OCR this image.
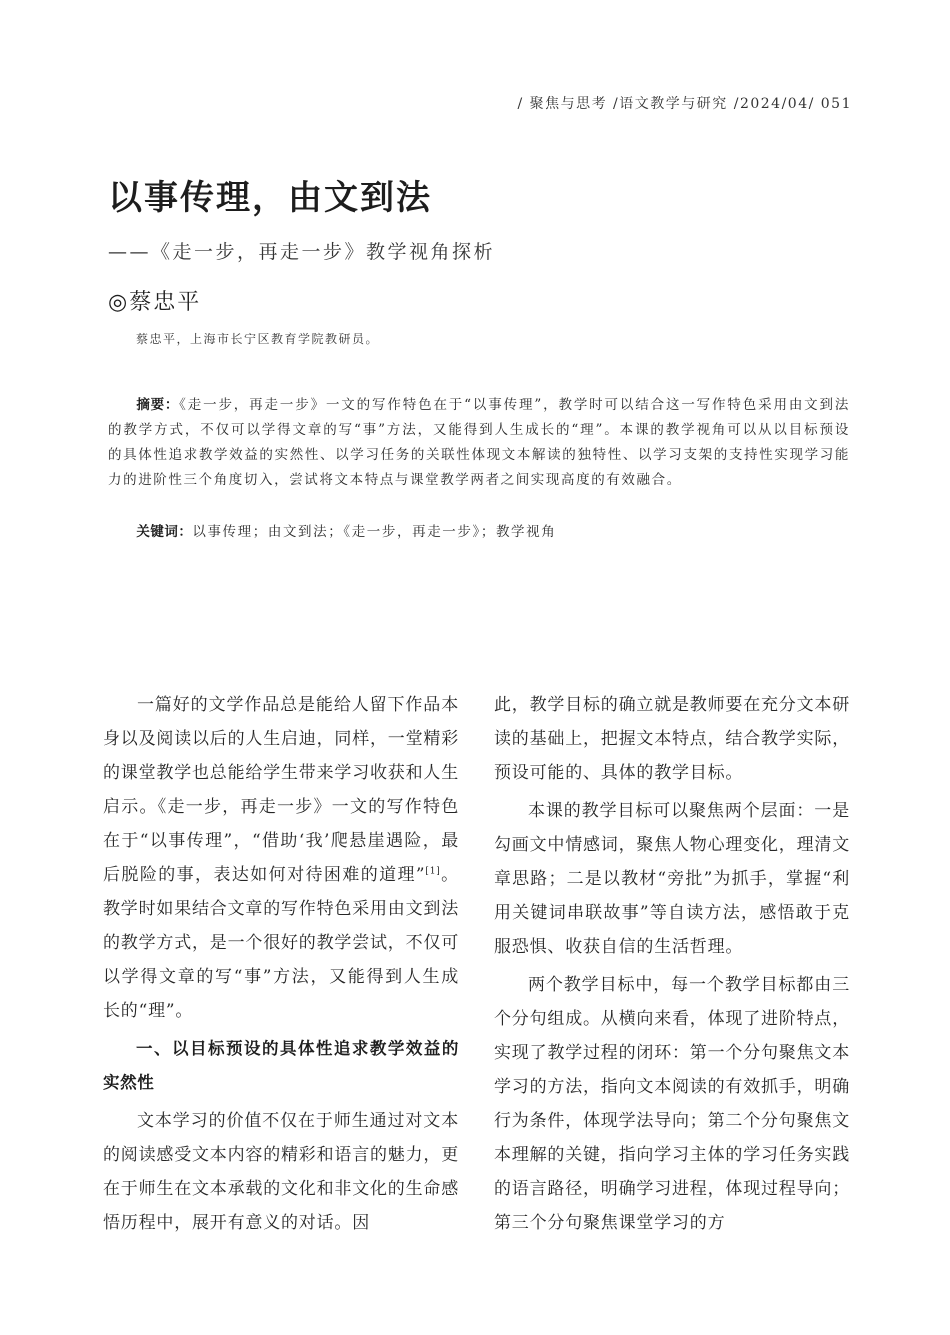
/ 聚焦与思考 /语文教学与研究 /2024/04/ 051
以事传理，由文到法
——《走一步，再走一步》教学视角探析
◎蔡忠平
蔡忠平，上海市长宁区教育学院教研员。
摘要：《走一步，再走一步》一文的写作特色在于“以事传理”，教学时可以结合这一写作特色采用由文到法的教学方式，不仅可以学得文章的写“事”方法，又能得到人生成长的“理”。本课的教学视角可以从以目标预设的具体性追求教学效益的实然性、以学习任务的关联性体现文本解读的独特性、以学习支架的支持性实现学习能力的进阶性三个角度切入，尝试将文本特点与课堂教学两者之间实现高度的有效融合。
关键词：以事传理；由文到法；《走一步，再走一步》；教学视角

一篇好的文学作品总是能给人留下作品本身以及阅读以后的人生启迪，同样，一堂精彩的课堂教学也总能给学生带来学习收获和人生启示。《走一步，再走一步》一文的写作特色在于“以事传理”，“借助‘我’爬悬崖遇险，最后脱险的事，表达如何对待困难的道理”[1]。教学时如果结合文章的写作特色采用由文到法的教学方式，是一个很好的教学尝试，不仅可以学得文章的写“事”方法，又能得到人生成长的“理”。

一、以目标预设的具体性追求教学效益的实然性

文本学习的价值不仅在于师生通过对文本的阅读感受文本内容的精彩和语言的魅力，更在于师生在文本承载的文化和非文化的生命感悟历程中，展开有意义的对话。因

此，教学目标的确立就是教师要在充分文本研读的基础上，把握文本特点，结合教学实际，预设可能的、具体的教学目标。

本课的教学目标可以聚焦两个层面：一是勾画文中情感词，聚焦人物心理变化，理清文章思路；二是以教材“旁批”为抓手，掌握“利用关键词串联故事”等自读方法，感悟敢于克服恐惧、收获自信的生活哲理。

两个教学目标中，每一个教学目标都由三个分句组成。从横向来看，体现了进阶特点，实现了教学过程的闭环：第一个分句聚焦文本学习的方法，指向文本阅读的有效抓手，明确行为条件，体现学法导向；第二个分句聚焦文本理解的关键，指向学习主体的学习任务实践的语言路径，明确学习进程，体现过程导向；第三个分句聚焦课堂学习的方
